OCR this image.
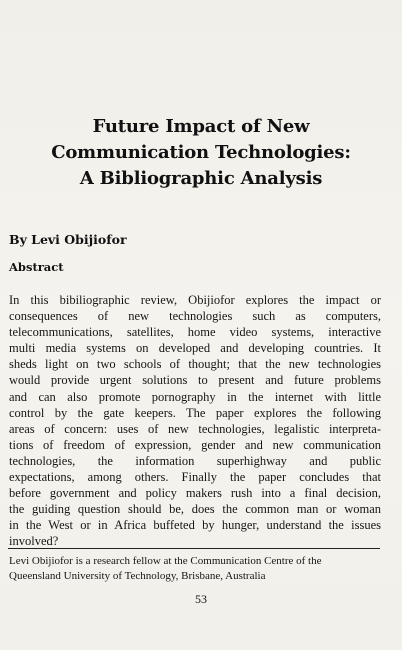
Future Impact of New
Communication Technologies:
A Bibliographic Analysis
By Levi Obijiofor
Abstract
In this bibiliographic review, Obijiofor explores the impact or
consequences of new technologies such as computers,
telecommunications, satellites, home video systems, interactive
multi media systems on developed and developing countries. It
sheds light on two schools of thought; that the new technologies
would provide urgent solutions to present and future problems
and can also promote pornography in the internet with little
control by the gate keepers. The paper explores the following
areas of concern: uses of new technologies, legalistic interpreta-
tions of freedom of expression, gender and new communication
technologies, the information superhighway and public
expectations, among others. Finally the paper concludes that
before government and policy makers rush into a final decision,
the guiding question should be, does the common man or woman
in the West or in Africa buffeted by hunger, understand the issues
involved?
Levi Obijiofor is a research fellow at the Communication Centre of the
Queensland University of Technology, Brisbane, Australia
53
